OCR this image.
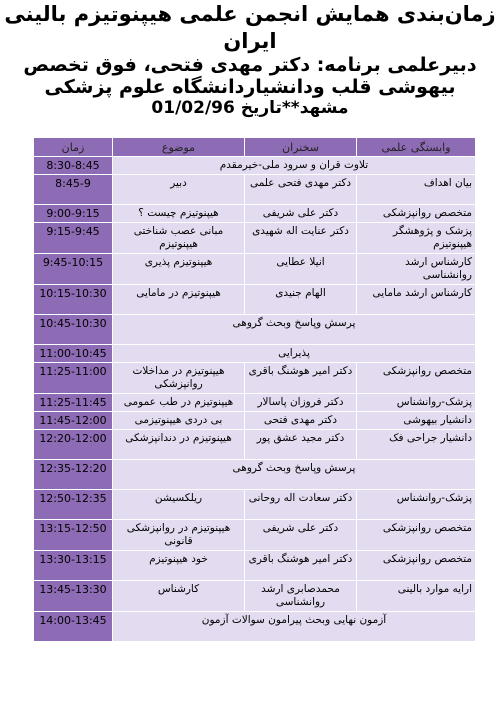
زمان‌بندی همایش انجمن علمی هیپنوتیزم بالینی
ایران
دبیرعلمی برنامه: دکتر مهدی فتحی، فوق تخصص
بیهوشی قلب ودانشیاردانشگاه علوم پزشکی
مشهد**تاریخ 01/02/96
وابستگی علمی	سخنران	موضوع	زمان
تلاوت قران و سرود ملی-خیرمقدم			8:30-8:45
بیان اهداف	دکتر مهدی فتحی علمی	دبیر	8:45-9
متخصص روانپزشکی	دکتر علی شریفی	هیپنوتیزم چیست ؟	9:00-9:15
پزشک و پژوهشگر هیپنوتیزم	دکتر عنایت اله شهیدی	مبانی عصب شناختی هیپنوتیزم	9:15-9:45
کارشناس ارشد روانشناسی	انیلا عطایی	هیپنوتیزم پذیری	9:45-10:15
کارشناس ارشد مامایی	الهام جنیدی	هیپنوتیزم در مامایی	10:15-10:30
پرسش وپاسخ وبحث گروهی			10:45-10:30
پذیرایی			11:00-10:45
متخصص روانپزشکی	دکتر امیر هوشنگ باقری	هیپنوتیزم در مداخلات روانپزشکی	11:25-11:00
پزشک-روانشناس	دکتر فروزان پاسالار	هیپنوتیزم در طب عمومی	11:25-11:45
دانشیار بیهوشی	دکتر مهدی فتحی	بی دردی هیپنوتیزمی	11:45-12:00
دانشیار جراحی فک	دکتر مجید عشق پور	هیپنوتیزم در دندانپزشکی	12:20-12:00
پرسش وپاسخ وبحث گروهی			12:35-12:20
پزشک-روانشناس	دکتر سعادت اله روحانی	ریلکسیشن	12:50-12:35
متخصص روانپزشکی	دکتر علی شریفی	هیپنوتیزم در روانپزشکی قانونی	13:15-12:50
متخصص روانپزشکی	دکتر امیر هوشنگ باقری	خود هیپنوتیزم	13:30-13:15
ارایه موارد بالینی	محمدصابری ارشد روانشناسی	کارشناس	13:45-13:30
آزمون نهایی وبحث پیرامون سوالات آزمون			14:00-13:45
